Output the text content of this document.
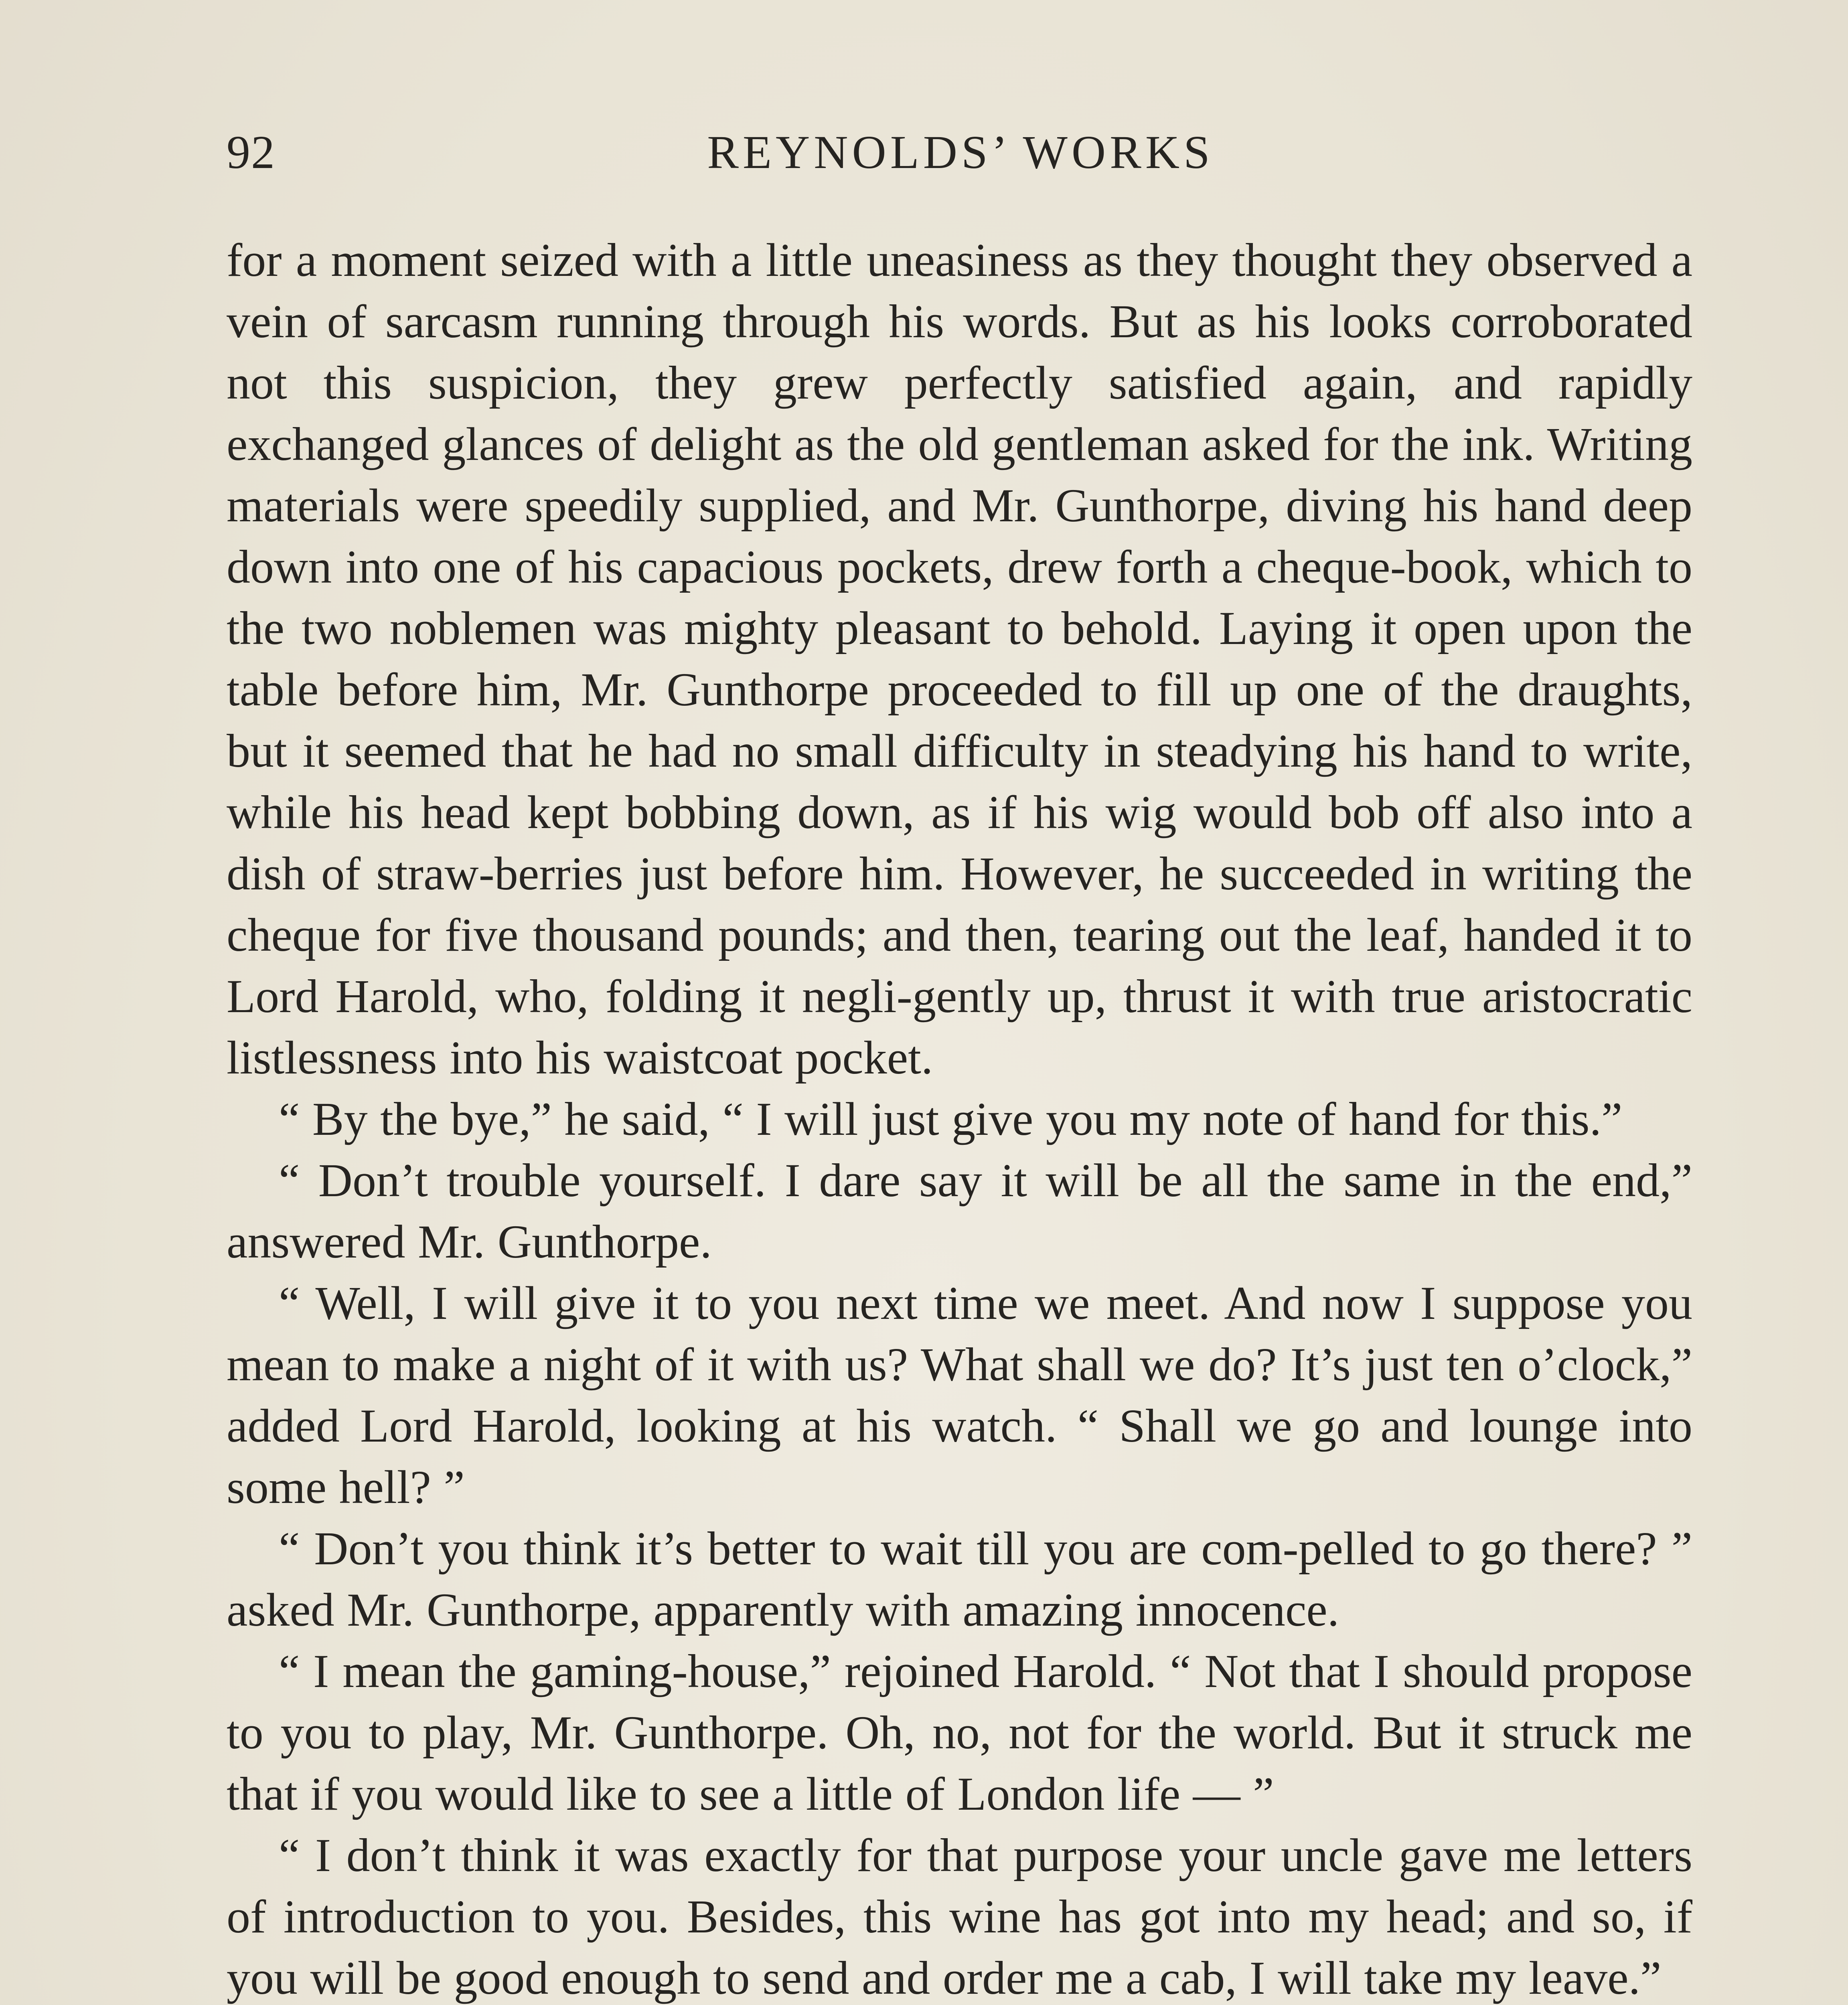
92	REYNOLDS’ WORKS

for a moment seized with a little uneasiness as they thought they observed a vein of sarcasm running through his words. But as his looks corroborated not this suspicion, they grew perfectly satisfied again, and rapidly exchanged glances of delight as the old gentleman asked for the ink. Writing materials were speedily supplied, and Mr. Gunthorpe, diving his hand deep down into one of his capacious pockets, drew forth a cheque-book, which to the two noblemen was mighty pleasant to behold. Laying it open upon the table before him, Mr. Gunthorpe proceeded to fill up one of the draughts, but it seemed that he had no small difficulty in steadying his hand to write, while his head kept bobbing down, as if his wig would bob off also into a dish of straw-berries just before him. However, he succeeded in writing the cheque for five thousand pounds; and then, tearing out the leaf, handed it to Lord Harold, who, folding it negli-gently up, thrust it with true aristocratic listlessness into his waistcoat pocket.

“ By the bye,” he said, “ I will just give you my note of hand for this.”

“ Don’t trouble yourself. I dare say it will be all the same in the end,” answered Mr. Gunthorpe.

“ Well, I will give it to you next time we meet. And now I suppose you mean to make a night of it with us? What shall we do? It’s just ten o’clock,” added Lord Harold, looking at his watch. “ Shall we go and lounge into some hell? ”

“ Don’t you think it’s better to wait till you are com-pelled to go there? ” asked Mr. Gunthorpe, apparently with amazing innocence.

“ I mean the gaming-house,” rejoined Harold. “ Not that I should propose to you to play, Mr. Gunthorpe. Oh, no, not for the world. But it struck me that if you would like to see a little of London life — ”

“ I don’t think it was exactly for that purpose your uncle gave me letters of introduction to you. Besides, this wine has got into my head; and so, if you will be good enough to send and order me a cab, I will take my leave.”
